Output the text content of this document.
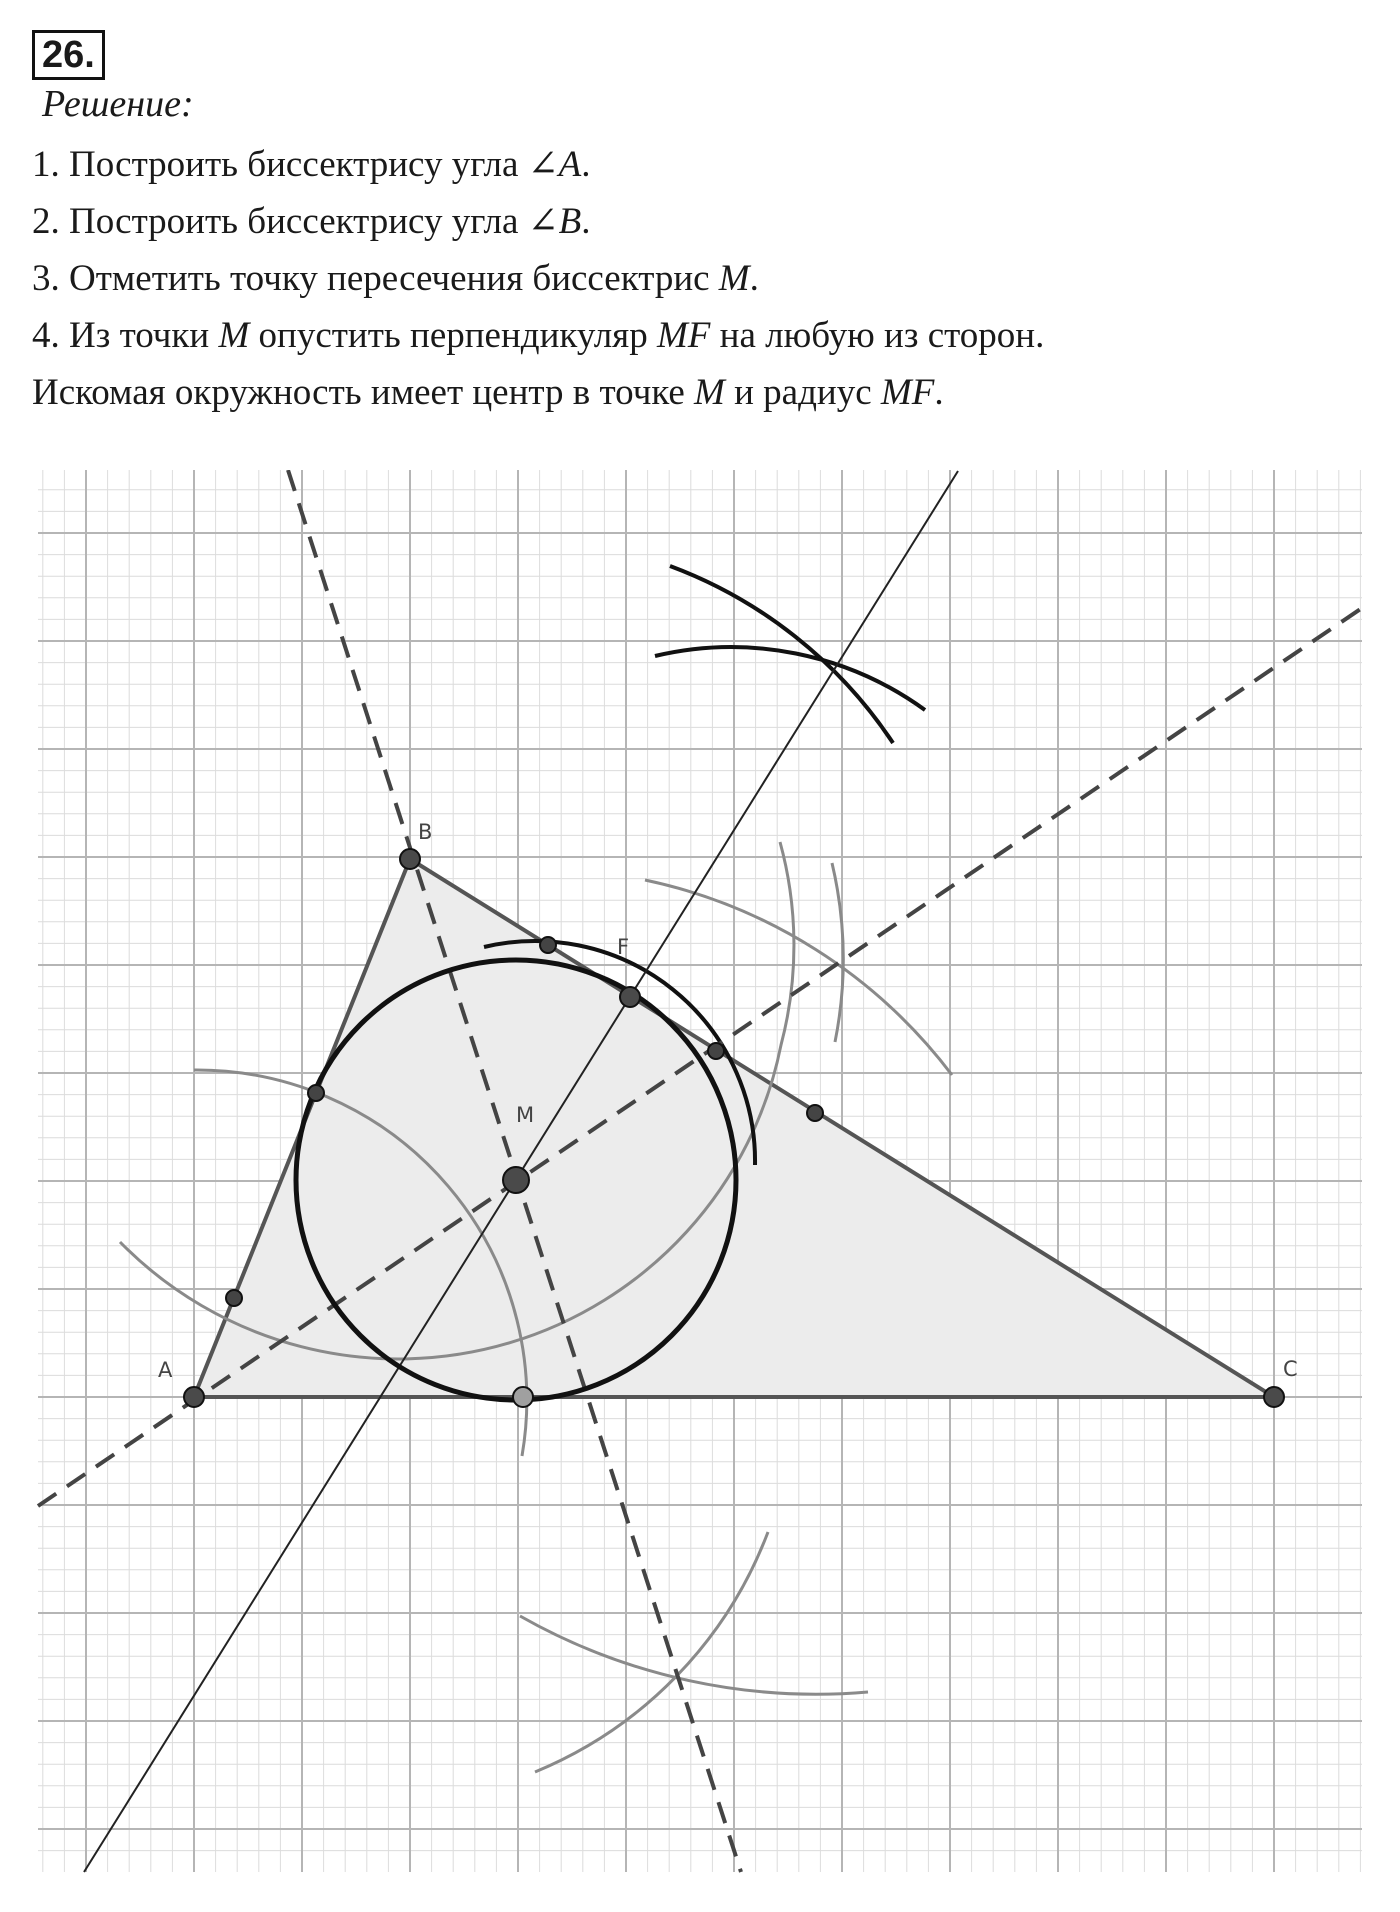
26.
Решение:
1. Построить биссектрису угла ∠A.
2. Построить биссектрису угла ∠B.
3. Отметить точку пересечения биссектрис M.
4. Из точки M опустить перпендикуляр MF на любую из сторон.
Искомая окружность имеет центр в точке M и радиус MF.
A
B
C
M
F
